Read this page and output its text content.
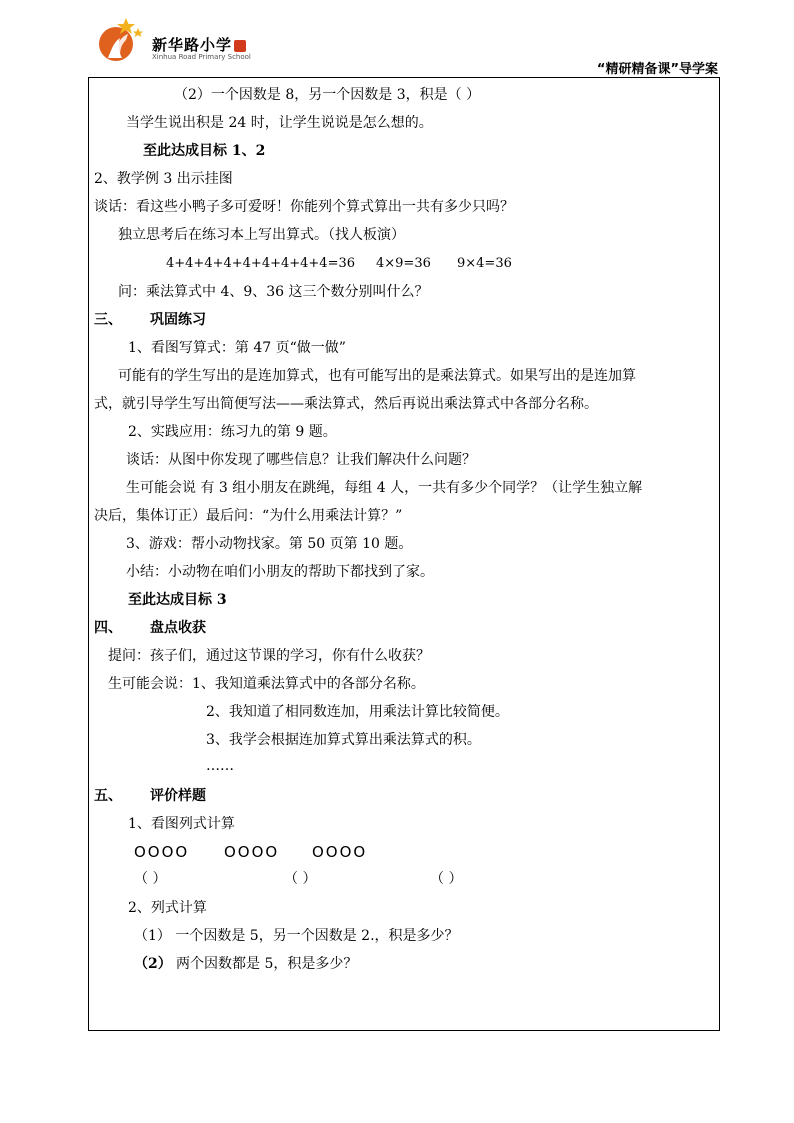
新华路小学
Xinhua Road Primary School
“精研精备课”导学案
（2）一个因数是 8，另一个因数是 3，积是（ ）
当学生说出积是 24 时，让学生说说是怎么想的。
至此达成目标 1、2
2、教学例 3 出示挂图
谈话：看这些小鸭子多可爱呀！你能列个算式算出一共有多少只吗？
独立思考后在练习本上写出算式。（找人板演）
4+4+4+4+4+4+4+4+4=36 4×9=36 9×4=36
问：乘法算式中 4、9、36 这三个数分别叫什么？
三、 巩固练习
1、看图写算式：第 47 页“做一做”
可能有的学生写出的是连加算式，也有可能写出的是乘法算式。如果写出的是连加算
式，就引导学生写出简便写法——乘法算式，然后再说出乘法算式中各部分名称。
2、实践应用：练习九的第 9 题。
谈话：从图中你发现了哪些信息？让我们解决什么问题？
生可能会说 有 3 组小朋友在跳绳，每组 4 人，一共有多少个同学？（让学生独立解
决后，集体订正）最后问：“为什么用乘法计算？”
3、游戏：帮小动物找家。第 50 页第 10 题。
小结：小动物在咱们小朋友的帮助下都找到了家。
至此达成目标 3
四、 盘点收获
提问：孩子们，通过这节课的学习，你有什么收获？
生可能会说：1、我知道乘法算式中的各部分名称。
2、我知道了相同数连加，用乘法计算比较简便。
3、我学会根据连加算式算出乘法算式的积。
……
五、 评价样题
1、看图列式计算
OOOO OOOO OOOO
（ ）	（ ）	（ ）
2、列式计算
（1） 一个因数是 5，另一个因数是 2.，积是多少？
（2） 两个因数都是 5，积是多少？
